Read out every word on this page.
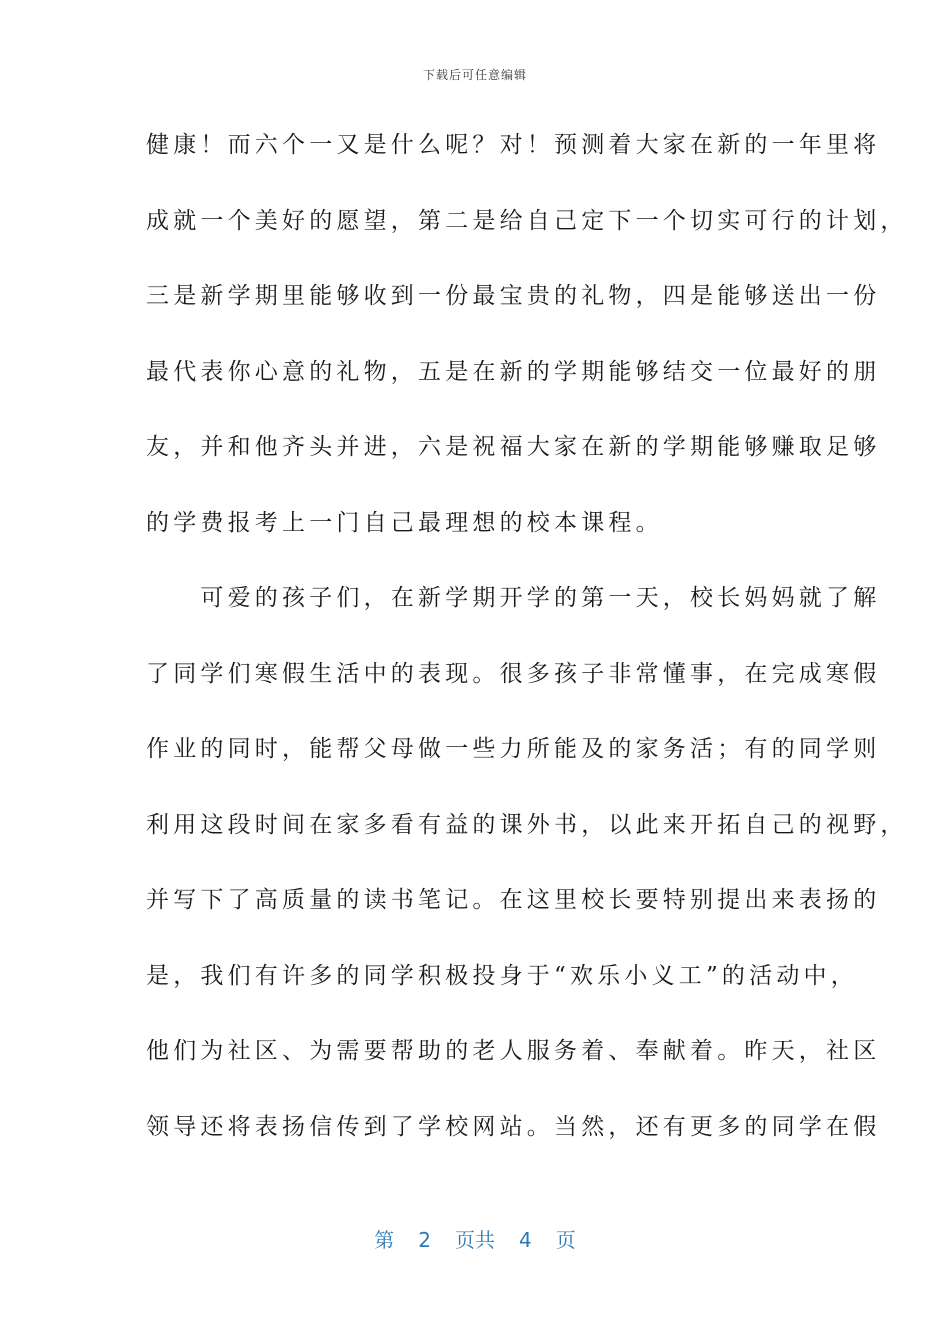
下载后可任意编辑
健康！而六个一又是什么呢？对！预测着大家在新的一年里将
成就一个美好的愿望，第二是给自己定下一个切实可行的计划，
三是新学期里能够收到一份最宝贵的礼物，四是能够送出一份
最代表你心意的礼物，五是在新的学期能够结交一位最好的朋
友，并和他齐头并进，六是祝福大家在新的学期能够赚取足够
的学费报考上一门自己最理想的校本课程。
　　可爱的孩子们，在新学期开学的第一天，校长妈妈就了解
了同学们寒假生活中的表现。很多孩子非常懂事，在完成寒假
作业的同时，能帮父母做一些力所能及的家务活；有的同学则
利用这段时间在家多看有益的课外书，以此来开拓自己的视野，
并写下了高质量的读书笔记。在这里校长要特别提出来表扬的
是，我们有许多的同学积极投身于“欢乐小义工”的活动中，
他们为社区、为需要帮助的老人服务着、奉献着。昨天，社区
领导还将表扬信传到了学校网站。当然，还有更多的同学在假
第 2 页共 4 页
